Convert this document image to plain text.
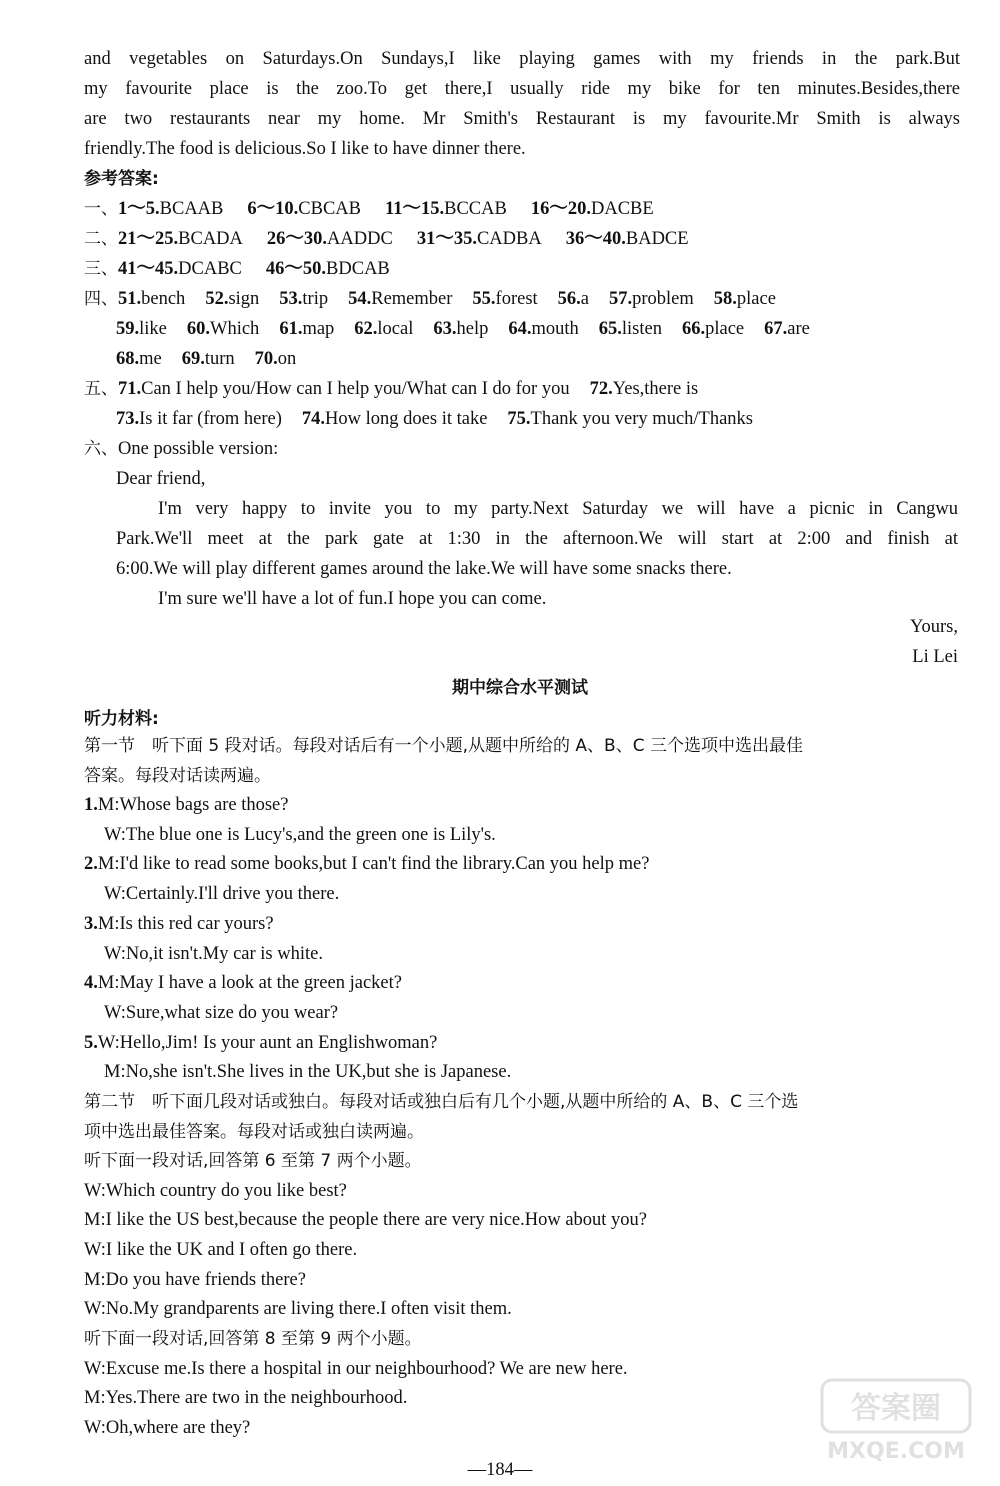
and vegetables on Saturdays.On Sundays,I like playing games with my friends in the park.But
my favourite place is the zoo.To get there,I usually ride my bike for ten minutes.Besides,there
are two restaurants near my home. Mr Smith's Restaurant is my favourite.Mr Smith is always
friendly.The food is delicious.So I like to have dinner there.
参考答案:
一、1～5.BCAAB 6～10.CBCAB 11～15.BCCAB 16～20.DACBE
二、21～25.BCADA 26～30.AADDC 31～35.CADBA 36～40.BADCE
三、41～45.DCABC 46～50.BDCAB
四、51.bench 52.sign 53.trip 54.Remember 55.forest 56.a 57.problem 58.place
59.like 60.Which 61.map 62.local 63.help 64.mouth 65.listen 66.place 67.are
68.me 69.turn 70.on
五、71.Can I help you/How can I help you/What can I do for you 72.Yes,there is
73.Is it far (from here) 74.How long does it take 75.Thank you very much/Thanks
六、One possible version:
Dear friend,
I'm very happy to invite you to my party.Next Saturday we will have a picnic in Cangwu
Park.We'll meet at the park gate at 1:30 in the afternoon.We will start at 2:00 and finish at
6:00.We will play different games around the lake.We will have some snacks there.
I'm sure we'll have a lot of fun.I hope you can come.
Yours,
Li Lei
期中综合水平测试
听力材料:
第一节　听下面 5 段对话。每段对话后有一个小题,从题中所给的 A、B、C 三个选项中选出最佳
答案。每段对话读两遍。
1.M:Whose bags are those?
W:The blue one is Lucy's,and the green one is Lily's.
2.M:I'd like to read some books,but I can't find the library.Can you help me?
W:Certainly.I'll drive you there.
3.M:Is this red car yours?
W:No,it isn't.My car is white.
4.M:May I have a look at the green jacket?
W:Sure,what size do you wear?
5.W:Hello,Jim! Is your aunt an Englishwoman?
M:No,she isn't.She lives in the UK,but she is Japanese.
第二节　听下面几段对话或独白。每段对话或独白后有几个小题,从题中所给的 A、B、C 三个选
项中选出最佳答案。每段对话或独白读两遍。
听下面一段对话,回答第 6 至第 7 两个小题。
W:Which country do you like best?
M:I like the US best,because the people there are very nice.How about you?
W:I like the UK and I often go there.
M:Do you have friends there?
W:No.My grandparents are living there.I often visit them.
听下面一段对话,回答第 8 至第 9 两个小题。
W:Excuse me.Is there a hospital in our neighbourhood? We are new here.
M:Yes.There are two in the neighbourhood.
W:Oh,where are they?
—184—
答案圈
MXQE.COM
